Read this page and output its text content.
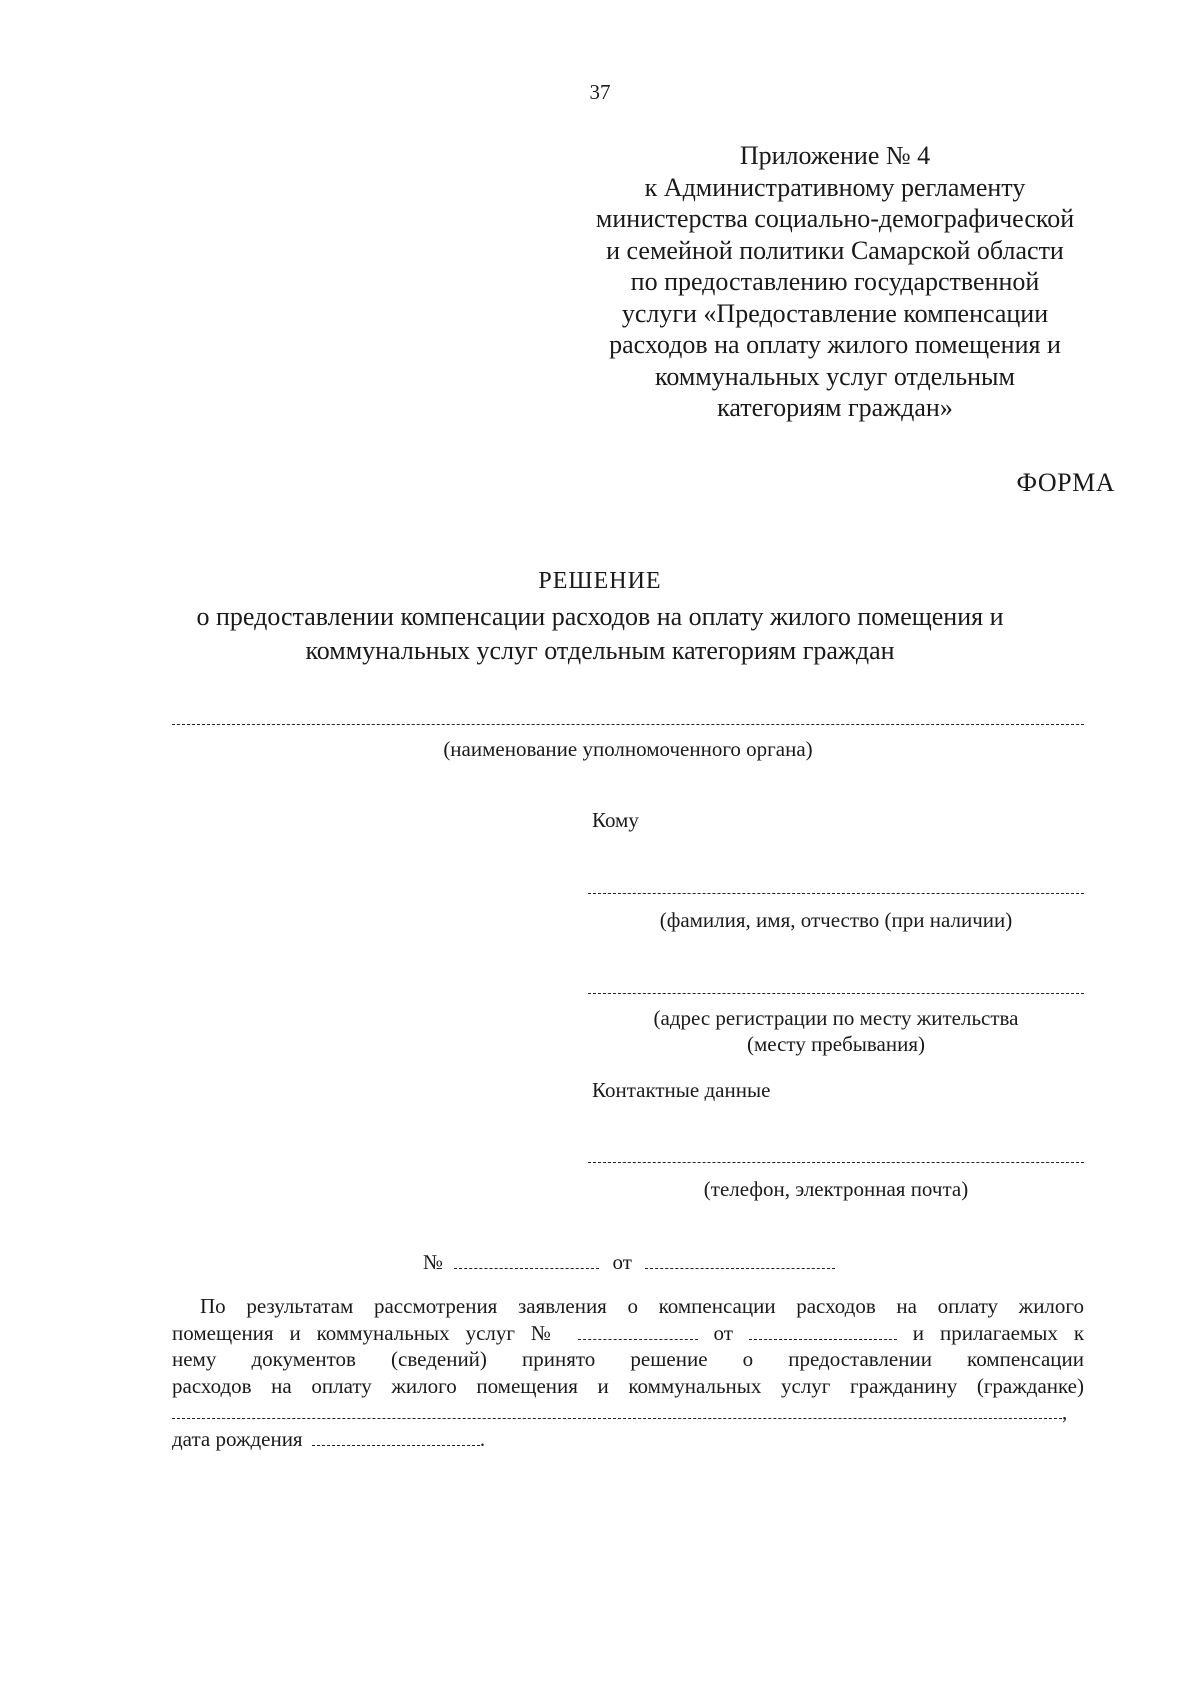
37
Приложение № 4
к Административному регламенту
министерства социально-демографической
и семейной политики Самарской области
по предоставлению государственной
услуги «Предоставление компенсации
расходов на оплату жилого помещения и
коммунальных услуг отдельным
категориям граждан»
ФОРМА
РЕШЕНИЕ
о предоставлении компенсации расходов на оплату жилого помещения и
коммунальных услуг отдельным категориям граждан
(наименование уполномоченного органа)
Кому
(фамилия, имя, отчество (при наличии)
(адрес регистрации по месту жительства
(месту пребывания)
Контактные данные
(телефон, электронная почта)
№	от
По результатам рассмотрения заявления о компенсации расходов на оплату жилого
помещения и коммунальных услуг №	от	и прилагаемых к
нему документов (сведений) принято решение о предоставлении компенсации
расходов на оплату жилого помещения и коммунальных услуг гражданину (гражданке)
,
дата рождения	.
